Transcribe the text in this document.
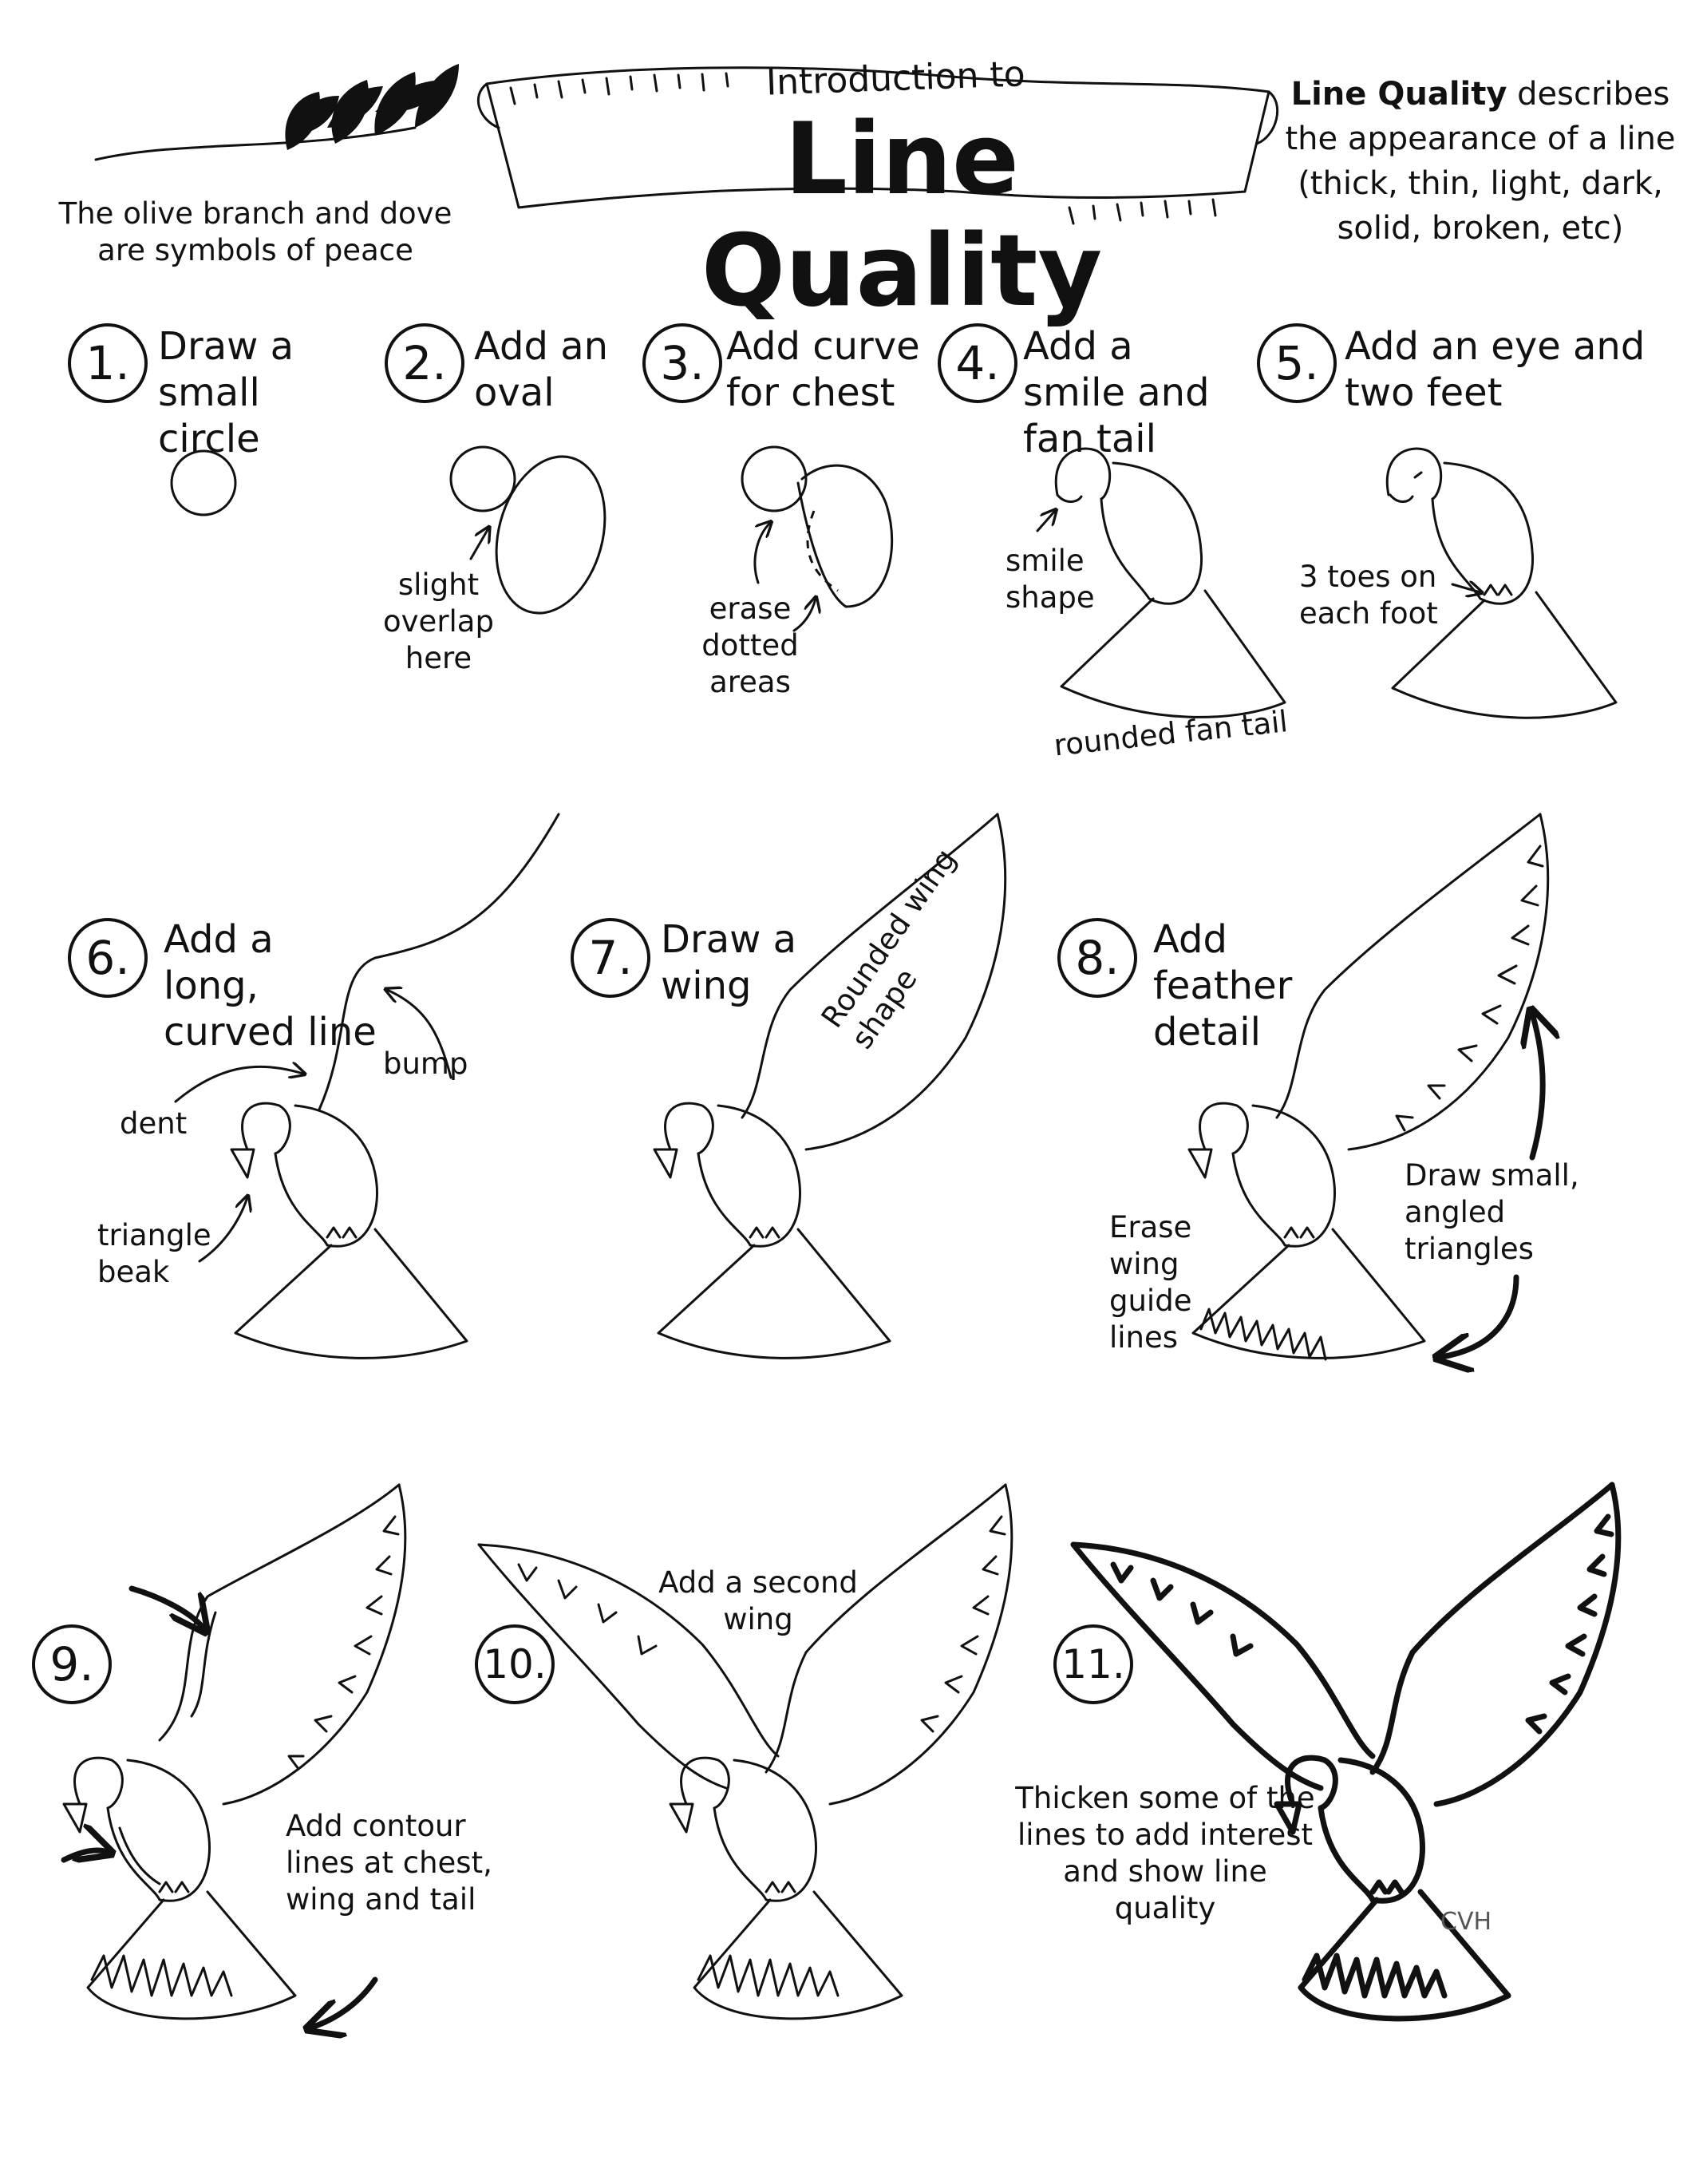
The olive branch and dove are symbols of peace
Introduction to
Line Quality
Line Quality describes the appearance of a line (thick, thin, light, dark, solid, broken, etc)
1. Draw a small circle
2. Add an oval
3. Add curve for chest
4. Add a smile and fan tail
5. Add an eye and two feet
6. Add a long, curved line
7. Draw a wing
8. Add feather detail
9.	10.	11.
slight overlap here
erase dotted areas
smile shape
rounded fan tail
3 toes on each foot
bump
dent
triangle beak
Rounded wing shape
Erase wing guide lines
Draw small, angled triangles
Add contour lines at chest, wing and tail
Add a second wing
Thicken some of the lines to add interest and show line quality	CVH
